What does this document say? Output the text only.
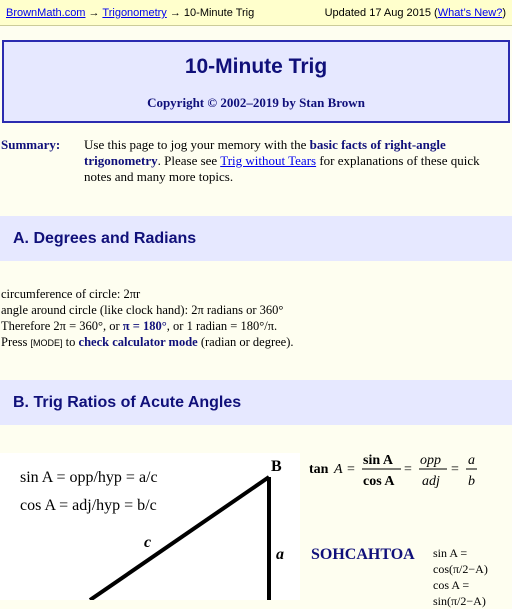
BrownMath.com → Trigonometry → 10-Minute Trig	Updated 17 Aug 2015 (What’s New?)
10-Minute Trig
Copyright © 2002–2019 by Stan Brown
Summary: Use this page to jog your memory with the basic facts of right-angle trigonometry. Please see Trig without Tears for explanations of these quick notes and many more topics.
A. Degrees and Radians
circumference of circle: 2πr
angle around circle (like clock hand): 2π radians or 360°
Therefore 2π = 360°, or π = 180°, or 1 radian = 180°/π.
Press [MODE] to check calculator mode (radian or degree).
B. Trig Ratios of Acute Angles
sin A = opp/hyp = a/c
cos A = adj/hyp = b/c
B
c
a
tan A =
sin A
cos A
=
opp
adj
=
a
b
SOHCAHTOA sin A =
cos(π/2−A)
cos A =
sin(π/2−A)
